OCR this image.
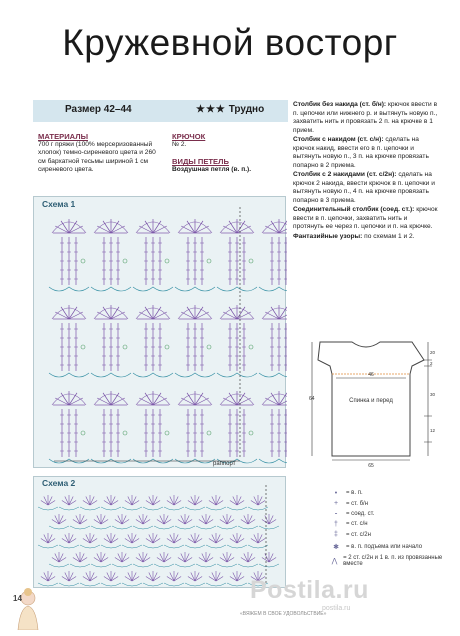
Кружевной восторг
Размер 42–44	★★★ Трудно
МАТЕРИАЛЫ
700 г пряжи (100% мерсеризованный хлопок) темно-сиреневого цвета и 260 см бархатной тесьмы шириной 1 см сиреневого цвета.
КРЮЧОК
№ 2.
ВИДЫ ПЕТЕЛЬ
Воздушная петля (в. п.).

Столбик без накида (ст. б/н): крючок ввести в п. цепочки или нижнего р. и вытянуть новую п., захватить нить и провязать 2 п. на крючке в 1 прием.

Столбик с накидом (ст. с/н): сделать на крючок накид, ввести его в п. цепочки и вытянуть новую п., 3 п. на крючке провязать попарно в 2 приема.

Столбик с 2 накидами (ст. с/2н): сделать на крючок 2 накида, ввести крючок в п. цепочки и вытянуть новую п., 4 п. на крючке провязать попарно в 3 приема.

Соединительный столбик (соед. ст.): крючок ввести в п. цепочки, захватить нить и протянуть ее через п. цепочки и п. на крючке.

Фантазийные узоры: по схемам 1 и 2.

Схема 1
раппорт
Схема 2
46
65
64
20
2
30
12
Спинка и перед
•	= в. п.
+	= ст. б/н
⁃	= соед. ст.
†	= ст. с/н
‡	= ст. с/2н
✱	= в. п. подъема или начало
⋀ = 2 ст. с/2н и 1 в. п. из провязанные вместе
14
«ВЯЖЕМ В СВОЕ УДОВОЛЬСТВИЕ»
Postila.ru
postila.ru
